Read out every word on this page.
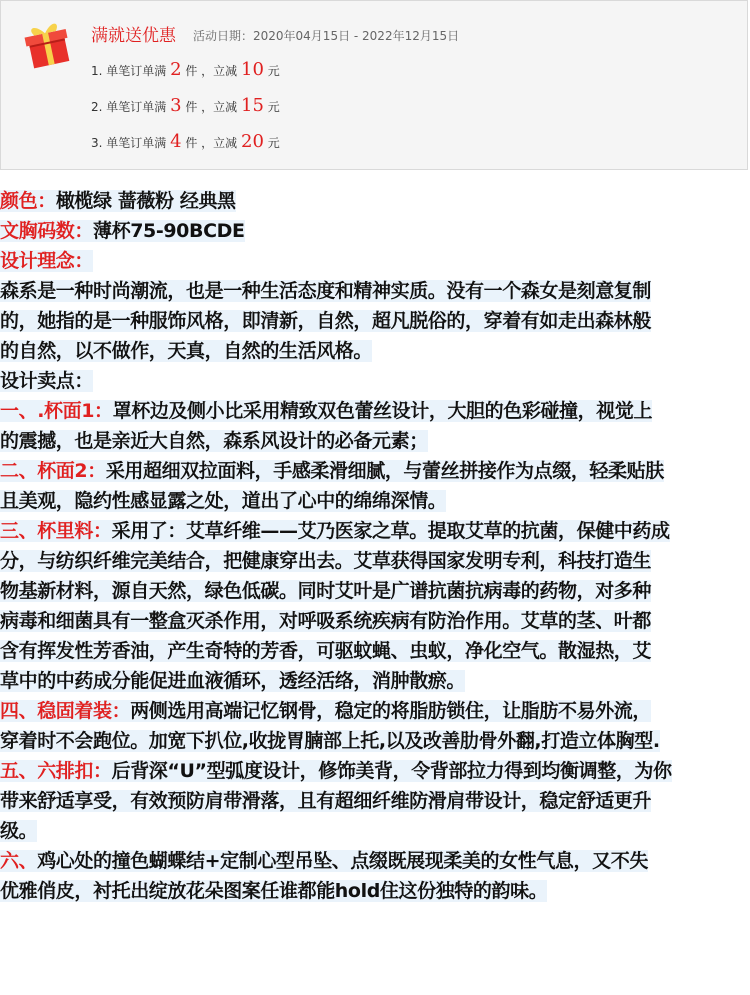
满就送优惠 活动日期：2020年04月15日 - 2022年12月15日
1. 单笔订单满 2 件 ，立减 10 元
2. 单笔订单满 3 件 ，立减 15 元
3. 单笔订单满 4 件 ，立减 20 元

颜色：橄榄绿 蔷薇粉 经典黑

文胸码数：薄杯75-90BCDE

设计理念：

森系是一种时尚潮流，也是一种生活态度和精神实质。没有一个森女是刻意复制

的，她指的是一种服饰风格，即清新，自然，超凡脱俗的，穿着有如走出森林般

的自然，以不做作，天真，自然的生活风格。

设计卖点：

一、.杯面1：罩杯边及侧小比采用精致双色蕾丝设计，大胆的色彩碰撞，视觉上

的震撼，也是亲近大自然，森系风设计的必备元素；

二、杯面2：采用超细双拉面料，手感柔滑细腻，与蕾丝拼接作为点缀，轻柔贴肤

且美观，隐约性感显露之处，道出了心中的绵绵深情。

三、杯里料：采用了：艾草纤维——艾乃医家之草。提取艾草的抗菌，保健中药成

分，与纺织纤维完美结合，把健康穿出去。艾草获得国家发明专利，科技打造生

物基新材料，源自天然，绿色低碳。同时艾叶是广谱抗菌抗病毒的药物，对多种

病毒和细菌具有一整盒灭杀作用，对呼吸系统疾病有防治作用。艾草的茎、叶都

含有挥发性芳香油，产生奇特的芳香，可驱蚊蝇、虫蚁，净化空气。散湿热，艾

草中的中药成分能促进血液循环，透经活络，消肿散瘀。

四、稳固着装：两侧选用高端记忆钢骨，稳定的将脂肪锁住，让脂肪不易外流，

穿着时不会跑位。加宽下扒位,收拢胃腩部上托,以及改善肋骨外翻,打造立体胸型.

五、六排扣：后背深“U”型弧度设计，修饰美背，令背部拉力得到均衡调整，为你

带来舒适享受，有效预防肩带滑落，且有超细纤维防滑肩带设计，稳定舒适更升

级。

六、鸡心处的撞色蝴蝶结+定制心型吊坠、点缀既展现柔美的女性气息，又不失

优雅俏皮，衬托出绽放花朵图案任谁都能hold住这份独特的韵味。
